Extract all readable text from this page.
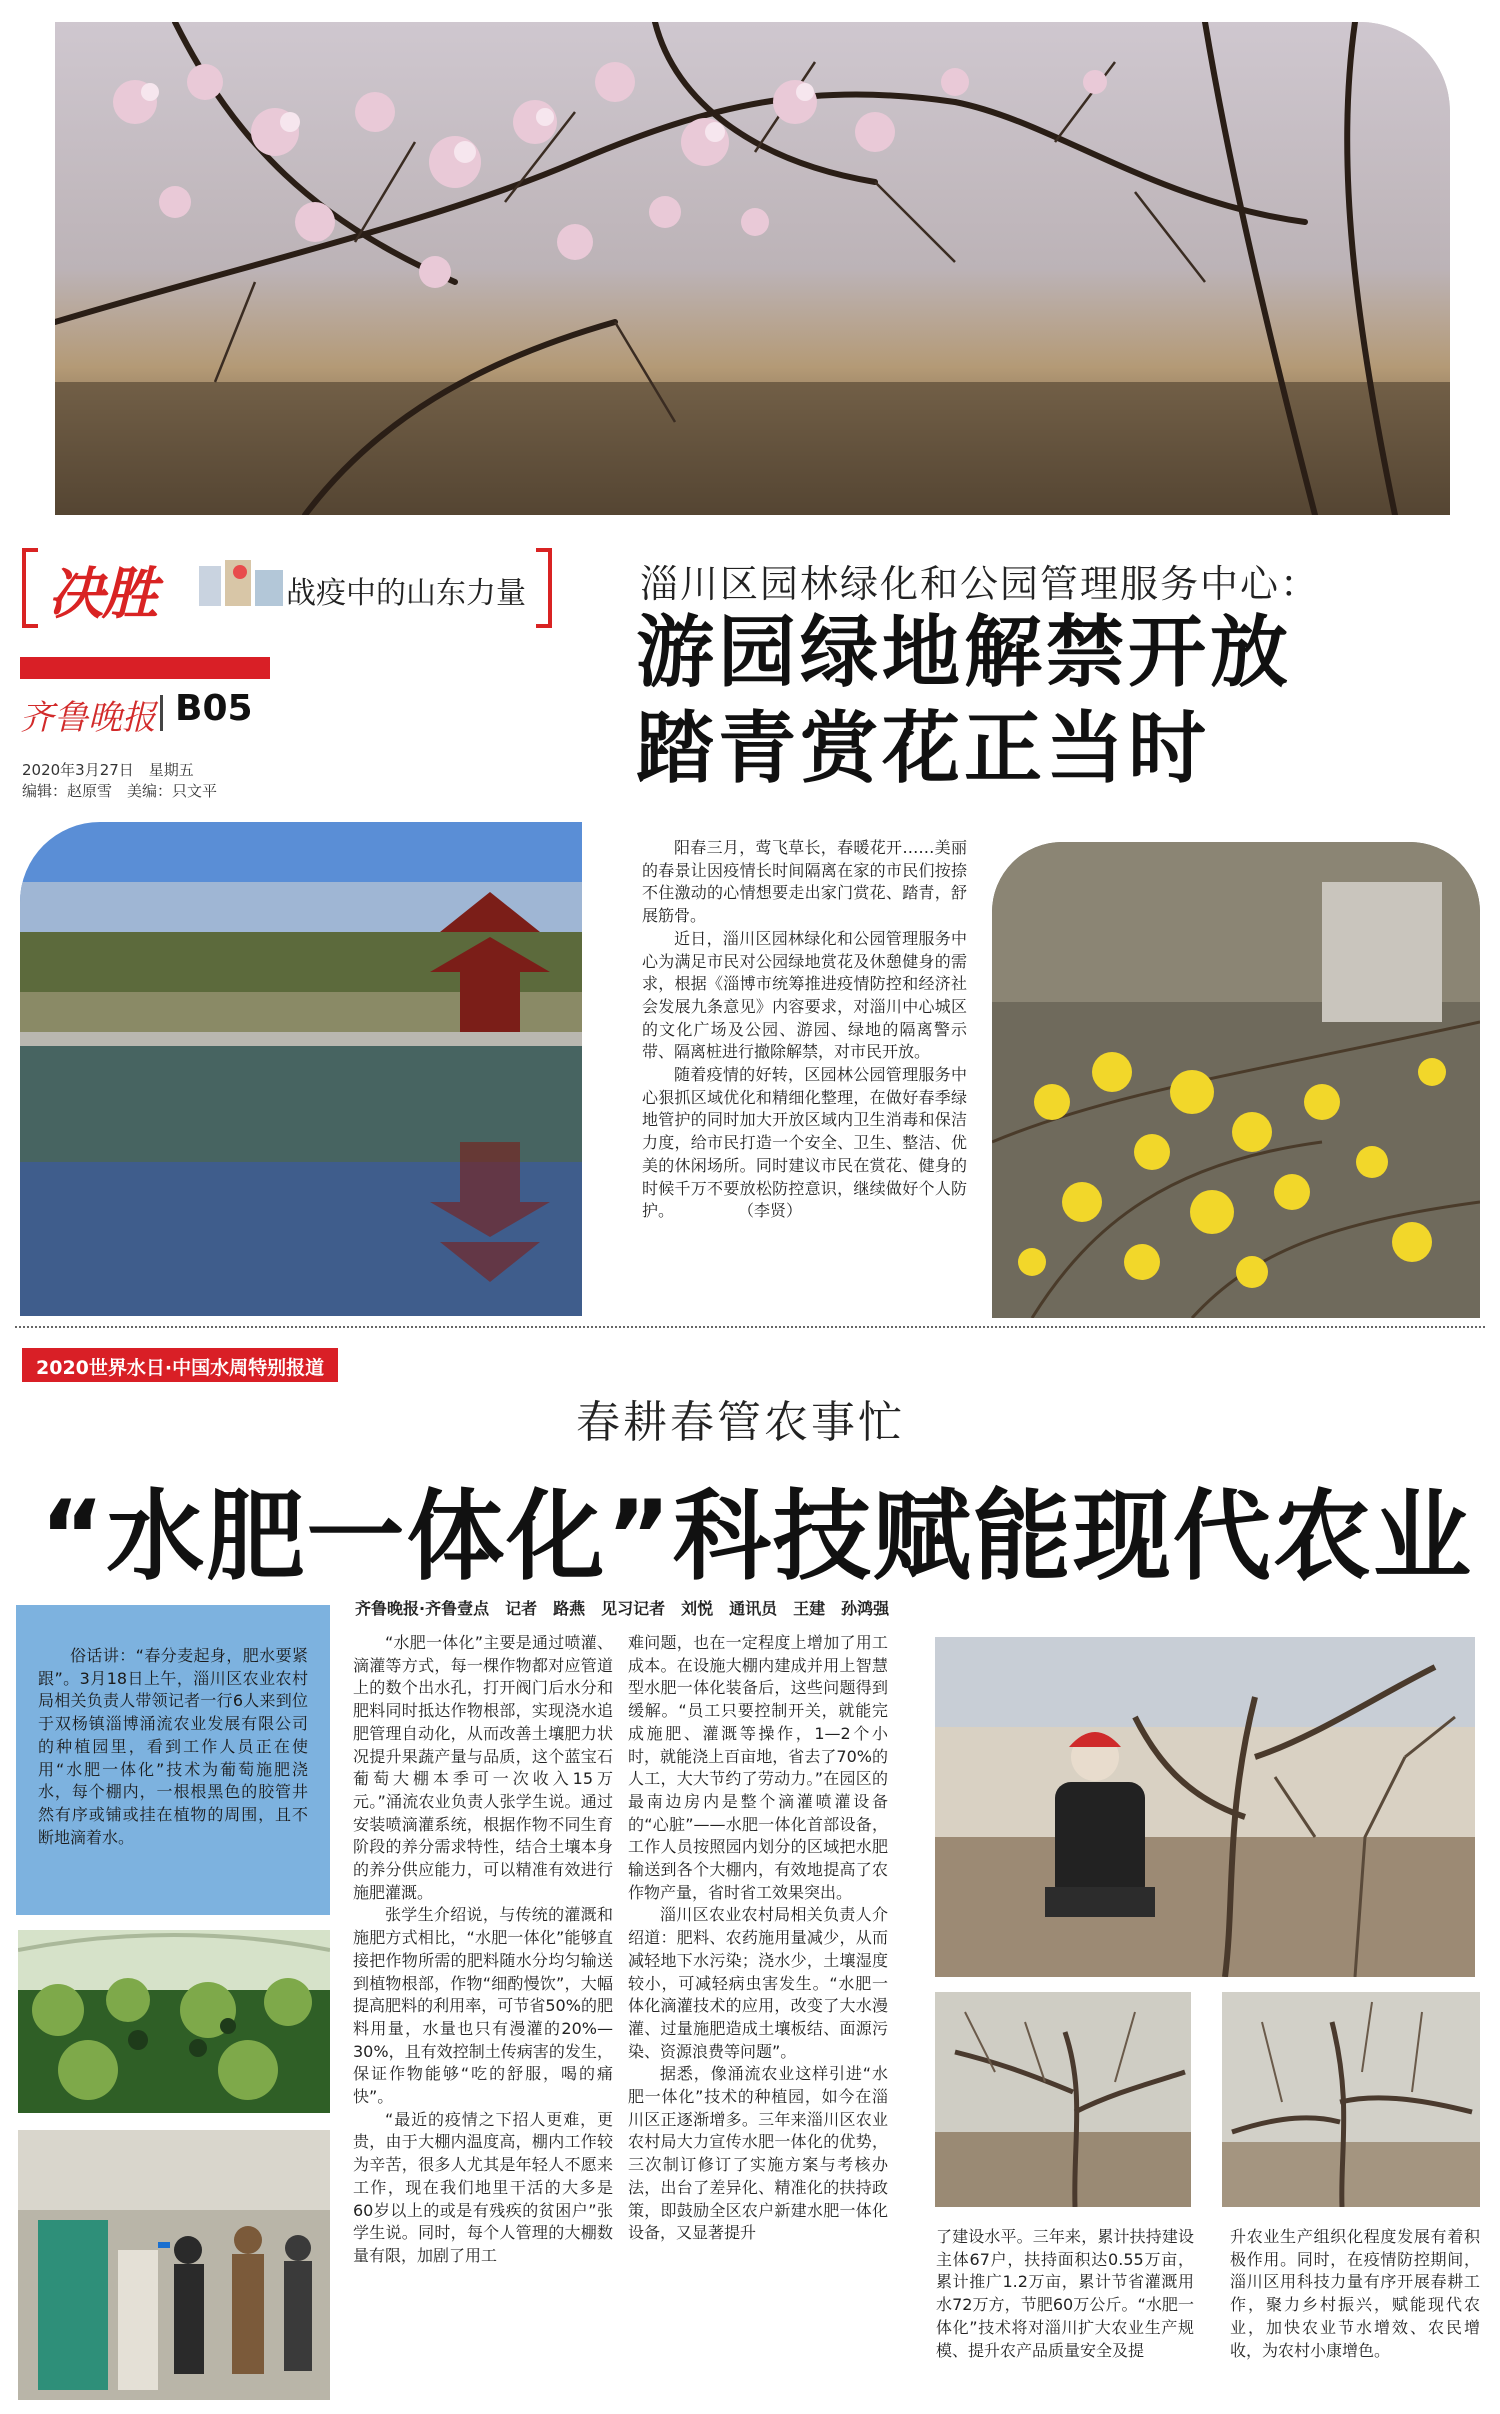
决胜	战疫中的山东力量
齐鲁晚报 B05
2020年3月27日　星期五
编辑：赵原雪　美编：只文平
淄川区园林绿化和公园管理服务中心：
游园绿地解禁开放
踏青赏花正当时

阳春三月，莺飞草长，春暖花开……美丽的春景让因疫情长时间隔离在家的市民们按捺不住激动的心情想要走出家门赏花、踏青，舒展筋骨。

近日，淄川区园林绿化和公园管理服务中心为满足市民对公园绿地赏花及休憩健身的需求，根据《淄博市统筹推进疫情防控和经济社会发展九条意见》内容要求，对淄川中心城区的文化广场及公园、游园、绿地的隔离警示带、隔离桩进行撤除解禁，对市民开放。

随着疫情的好转，区园林公园管理服务中心狠抓区域优化和精细化整理，在做好春季绿地管护的同时加大开放区域内卫生消毒和保洁力度，给市民打造一个安全、卫生、整洁、优美的休闲场所。同时建议市民在赏花、健身的时候千万不要放松防控意识，继续做好个人防护。　　　　　（李贤）

2020世界水日·中国水周特别报道
春耕春管农事忙
“水肥一体化”科技赋能现代农业
齐鲁晚报·齐鲁壹点　记者　路燕　见习记者　刘悦　通讯员　王建　孙鸿强

俗话讲：“春分麦起身，肥水要紧跟”。3月18日上午，淄川区农业农村局相关负责人带领记者一行6人来到位于双杨镇淄博涌流农业发展有限公司的种植园里，看到工作人员正在使用“水肥一体化”技术为葡萄施肥浇水，每个棚内，一根根黑色的胶管井然有序或铺或挂在植物的周围，且不断地滴着水。

“水肥一体化”主要是通过喷灌、滴灌等方式，每一棵作物都对应管道上的数个出水孔，打开阀门后水分和肥料同时抵达作物根部，实现浇水追肥管理自动化，从而改善土壤肥力状况提升果蔬产量与品质，这个蓝宝石葡萄大棚本季可一次收入15万元。”涌流农业负责人张学生说。通过安装喷滴灌系统，根据作物不同生育阶段的养分需求特性，结合土壤本身的养分供应能力，可以精准有效进行施肥灌溉。

张学生介绍说，与传统的灌溉和施肥方式相比，“水肥一体化”能够直接把作物所需的肥料随水分均匀输送到植物根部，作物“细酌慢饮”，大幅提高肥料的利用率，可节省50%的肥料用量，水量也只有漫灌的20%—30%，且有效控制土传病害的发生，保证作物能够“吃的舒服，喝的痛快”。

“最近的疫情之下招人更难，更贵，由于大棚内温度高，棚内工作较为辛苦，很多人尤其是年轻人不愿来工作，现在我们地里干活的大多是60岁以上的或是有残疾的贫困户”张学生说。同时，每个人管理的大棚数量有限，加剧了用工

难问题，也在一定程度上增加了用工成本。在设施大棚内建成并用上智慧型水肥一体化装备后，这些问题得到缓解。“员工只要控制开关，就能完成施肥、灌溉等操作，1—2个小时，就能浇上百亩地，省去了70%的人工，大大节约了劳动力。”在园区的最南边房内是整个滴灌喷灌设备的“心脏”——水肥一体化首部设备，工作人员按照园内划分的区域把水肥输送到各个大棚内，有效地提高了农作物产量，省时省工效果突出。

淄川区农业农村局相关负责人介绍道：肥料、农药施用量减少，从而减轻地下水污染；浇水少，土壤湿度较小，可减轻病虫害发生。“水肥一体化滴灌技术的应用，改变了大水漫灌、过量施肥造成土壤板结、面源污染、资源浪费等问题”。

据悉，像涌流农业这样引进“水肥一体化”技术的种植园，如今在淄川区正逐渐增多。三年来淄川区农业农村局大力宣传水肥一体化的优势，三次制订修订了实施方案与考核办法，出台了差异化、精准化的扶持政策，即鼓励全区农户新建水肥一体化设备，又显著提升	了建设水平。三年来，累计扶持建设主体67户，扶持面积达0.55万亩，累计推广1.2万亩，累计节省灌溉用水72万方，节肥60万公斤。“水肥一体化”技术将对淄川扩大农业生产规模、提升农产品质量安全及提

升农业生产组织化程度发展有着积极作用。同时，在疫情防控期间，淄川区用科技力量有序开展春耕工作，聚力乡村振兴，赋能现代农业，加快农业节水增效、农民增收，为农村小康增色。
